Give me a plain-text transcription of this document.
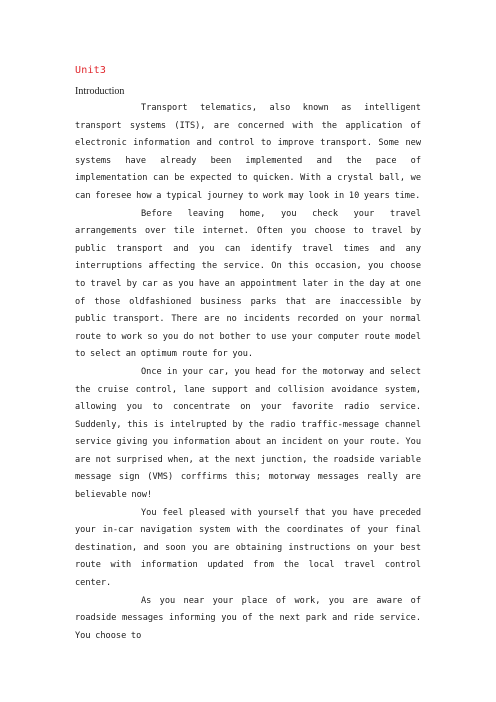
Unit3
Introduction

Transport telematics, also known as intelligent transport systems (ITS), are concerned with the application of electronic information and control to improve transport. Some new systems have already been implemented and the pace of implementation can be expected to quicken. With a crystal ball, we can foresee how a typical journey to work may look in 10 years time.

Before leaving home, you check your travel arrangements over tile internet. Often you choose to travel by public transport and you can identify travel times and any interruptions affecting the service. On this occasion, you choose to travel by car as you have an appointment later in the day at one of those oldfashioned business parks that are inaccessible by public transport. There are no incidents recorded on your normal route to work so you do not bother to use your computer route model to select an optimum route for you.

Once in your car, you head for the motorway and select the cruise control, lane support and collision avoidance system, allowing you to concentrate on your favorite radio service. Suddenly, this is intelrupted by the radio traffic-message channel service giving you information about an incident on your route. You are not surprised when, at the next junction, the roadside variable message sign (VMS) corffirms this; motorway messages really are believable now!

You feel pleased with yourself that you have preceded your in-car navigation system with the coordinates of your final destination, and soon you are obtaining instructions on your best route with information updated from the local travel control center.

As you near your place of work, you are aware of roadside messages informing you of the next park and ride service. You choose to
